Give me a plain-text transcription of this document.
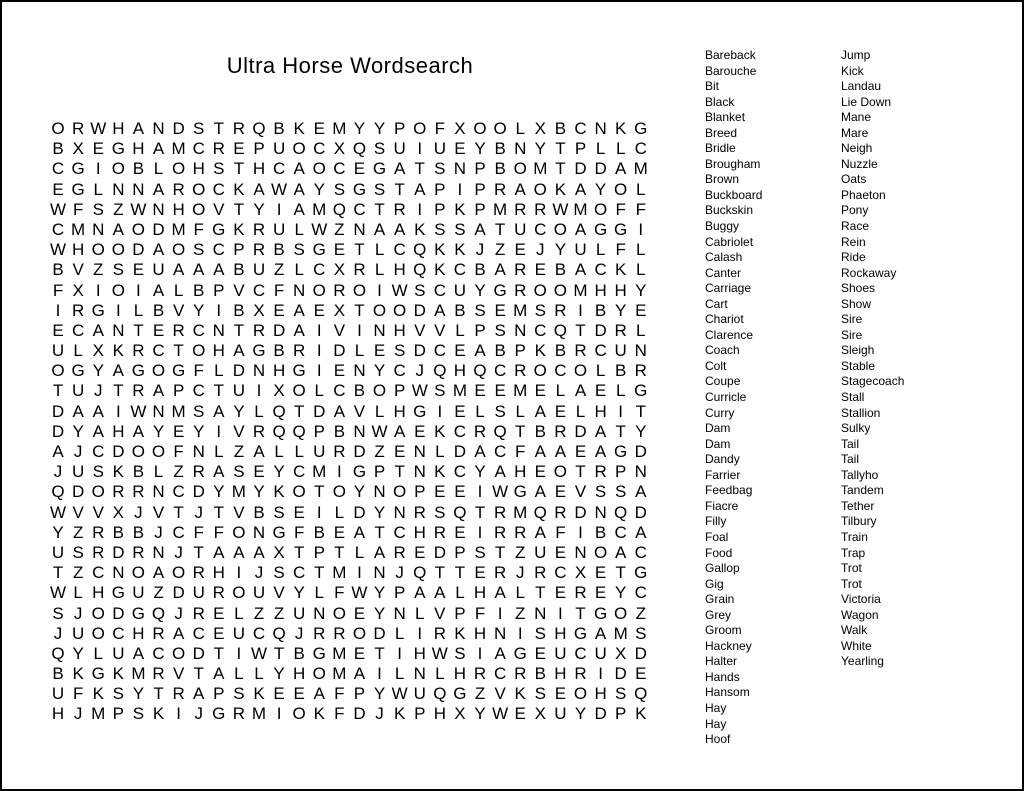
Ultra Horse Wordsearch
O R W H A N D S T R Q B K E M Y Y P O F X O O L X B C N K G
B X E G H A M C R E P U O C X Q S U I U E Y B N Y T P L L C
C G I O B L O H S T H C A O C E G A T S N P B O M T D D A M
E G L N N A R O C K A W A Y S G S T A P I P R A O K A Y O L
W F S Z W N H O V T Y I A M Q C T R I P K P M R R W M O F F
C M N A O D M F G K R U L W Z N A A K S S A T U C O A G G I
W H O O D A O S C P R B S G E T L C Q K K J Z E J Y U L F L
B V Z S E U A A A B U Z L C X R L H Q K C B A R E B A C K L
F X I O I A L B P V C F N O R O I W S C U Y G R O O M H H Y
I R G I L B V Y I B X E A E X T O O D A B S E M S R I B Y E
E C A N T E R C N T R D A I V I N H V V L P S N C Q T D R L
U L X K R C T O H A G B R I D L E S D C E A B P K B R C U N
O G Y A G O G F L D N H G I E N Y C J Q H Q C R O C O L B R
T U J T R A P C T U I X O L C B O P W S M E E M E L A E L G
D A A I W N M S A Y L Q T D A V L H G I E L S L A E L H I T
D Y A H A Y E Y I V R Q Q P B N W A E K C R Q T B R D A T Y
A J C D O O F N L Z A L L U R D Z E N L D A C F A A E A G D
J U S K B L Z R A S E Y C M I G P T N K C Y A H E O T R P N
Q D O R R N C D Y M Y K O T O Y N O P E E I W G A E V S S A
W V V X J V T J T V B S E I L D Y N R S Q T R M Q R D N Q D
Y Z R B B J C F F O N G F B E A T C H R E I R R A F I B C A
U S R D R N J T A A A X T P T L A R E D P S T Z U E N O A C
T Z C N O A O R H I J S C T M I N J Q T T E R J R C X E T G
W L H G U Z D U R O U V Y L F W Y P A A L H A L T E R E Y C
S J O D G Q J R E L Z Z U N O E Y N L V P F I Z N I T G O Z
J U O C H R A C E U C Q J R R O D L I R K H N I S H G A M S
Q Y L U A C O D T I W T B G M E T I H W S I A G E U C U X D
B K G K M R V T A L L Y H O M A I L N L H R C R B H R I D E
U F K S Y T R A P S K E E A F P Y W U Q G Z V K S E O H S Q
H J M P S K I J G R M I O K F D J K P H X Y W E X U Y D P K
Bareback
Barouche
Bit
Black
Blanket
Breed
Bridle
Brougham
Brown
Buckboard
Buckskin
Buggy
Cabriolet
Calash
Canter
Carriage
Cart
Chariot
Clarence
Coach
Colt
Coupe
Curricle
Curry
Dam
Dam
Dandy
Farrier
Feedbag
Fiacre
Filly
Foal
Food
Gallop
Gig
Grain
Grey
Groom
Hackney
Halter
Hands
Hansom
Hay
Hay
Hoof
Jump
Kick
Landau
Lie Down
Mane
Mare
Neigh
Nuzzle
Oats
Phaeton
Pony
Race
Rein
Ride
Rockaway
Shoes
Show
Sire
Sire
Sleigh
Stable
Stagecoach
Stall
Stallion
Sulky
Tail
Tail
Tallyho
Tandem
Tether
Tilbury
Train
Trap
Trot
Trot
Victoria
Wagon
Walk
White
Yearling
